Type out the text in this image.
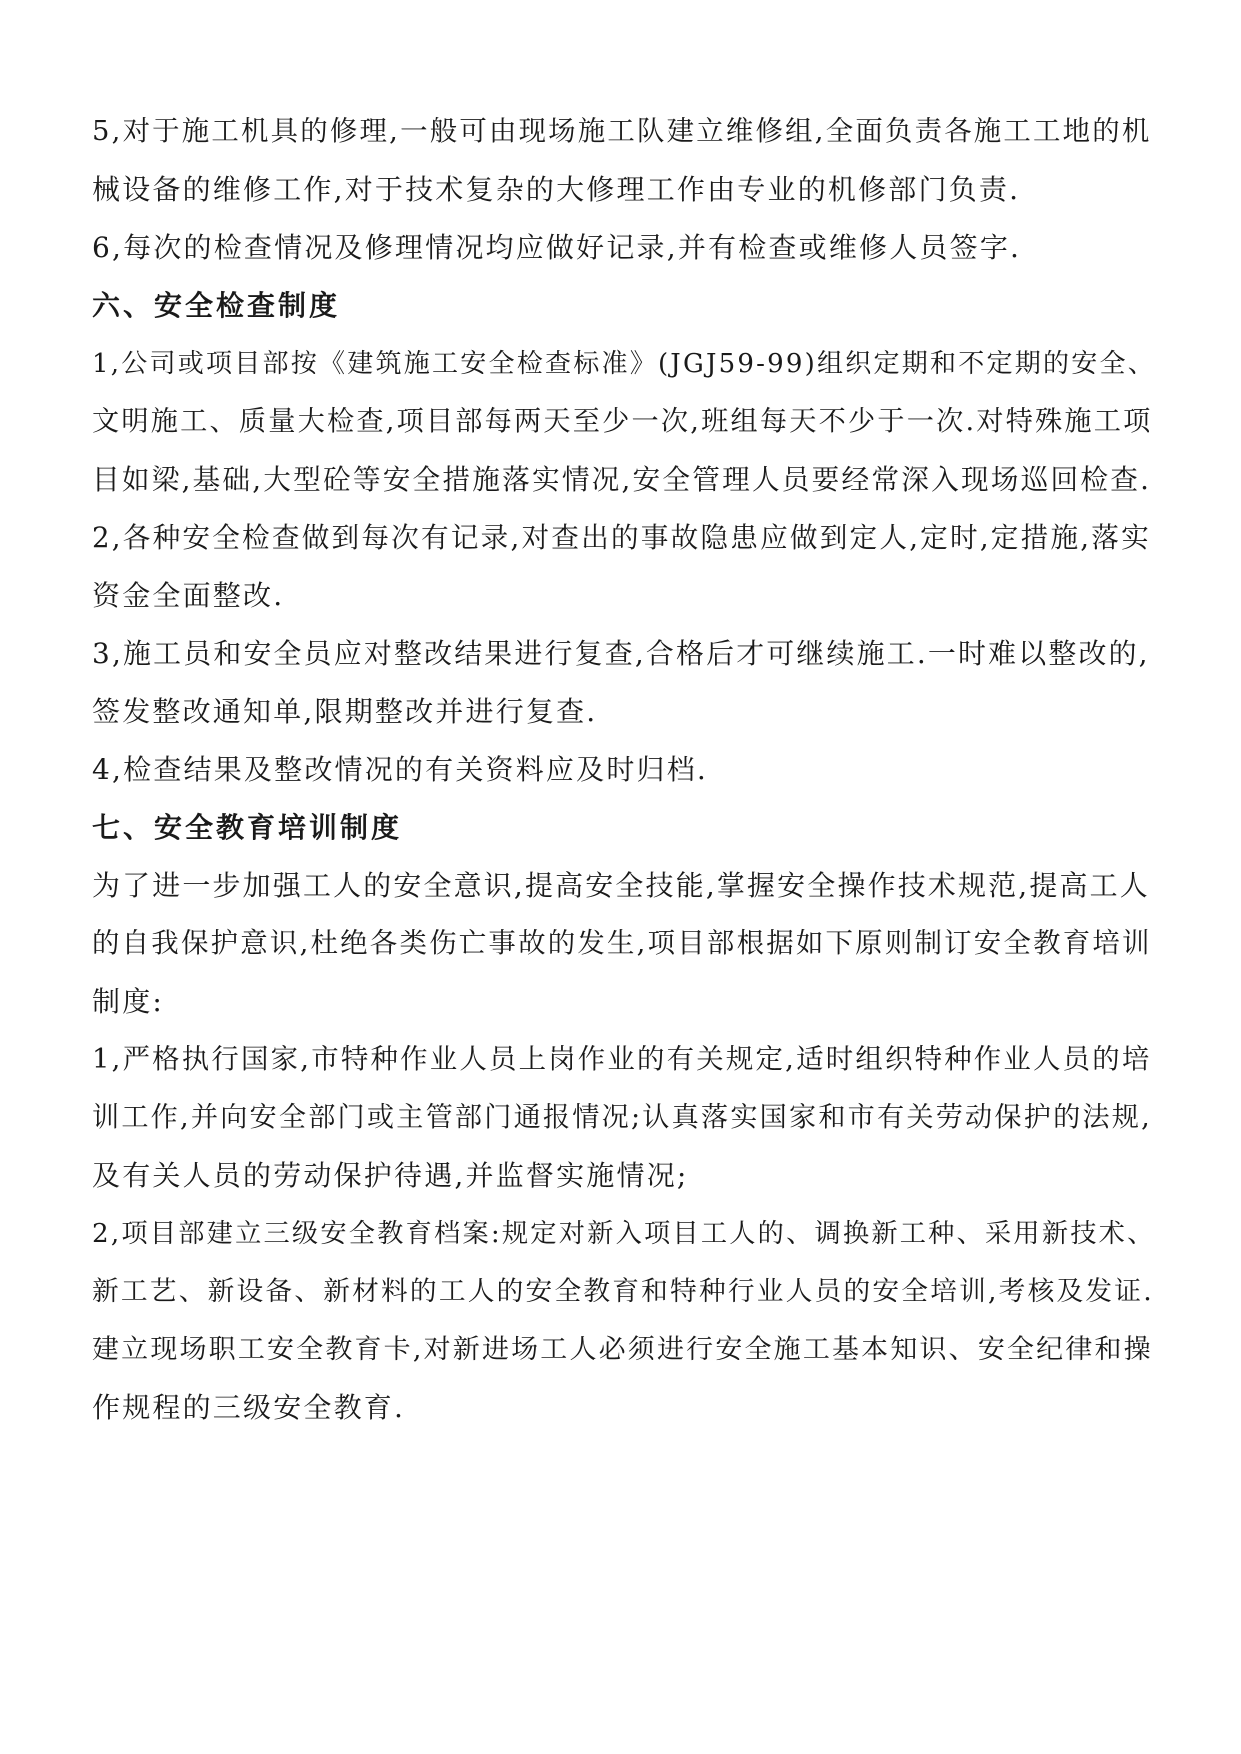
5,对于施工机具的修理,一般可由现场施工队建立维修组,全面负责各施工工地的机
械设备的维修工作,对于技术复杂的大修理工作由专业的机修部门负责.
6,每次的检查情况及修理情况均应做好记录,并有检查或维修人员签字.
六、安全检查制度
1,公司或项目部按《建筑施工安全检查标准》(JGJ59-99)组织定期和不定期的安全、
文明施工、质量大检查,项目部每两天至少一次,班组每天不少于一次.对特殊施工项
目如梁,基础,大型砼等安全措施落实情况,安全管理人员要经常深入现场巡回检查.
2,各种安全检查做到每次有记录,对查出的事故隐患应做到定人,定时,定措施,落实
资金全面整改.
3,施工员和安全员应对整改结果进行复查,合格后才可继续施工.一时难以整改的,
签发整改通知单,限期整改并进行复查.
4,检查结果及整改情况的有关资料应及时归档.
七、安全教育培训制度
为了进一步加强工人的安全意识,提高安全技能,掌握安全操作技术规范,提高工人
的自我保护意识,杜绝各类伤亡事故的发生,项目部根据如下原则制订安全教育培训
制度:
1,严格执行国家,市特种作业人员上岗作业的有关规定,适时组织特种作业人员的培
训工作,并向安全部门或主管部门通报情况;认真落实国家和市有关劳动保护的法规,
及有关人员的劳动保护待遇,并监督实施情况;
2,项目部建立三级安全教育档案:规定对新入项目工人的、调换新工种、采用新技术、
新工艺、新设备、新材料的工人的安全教育和特种行业人员的安全培训,考核及发证.
建立现场职工安全教育卡,对新进场工人必须进行安全施工基本知识、安全纪律和操
作规程的三级安全教育.
